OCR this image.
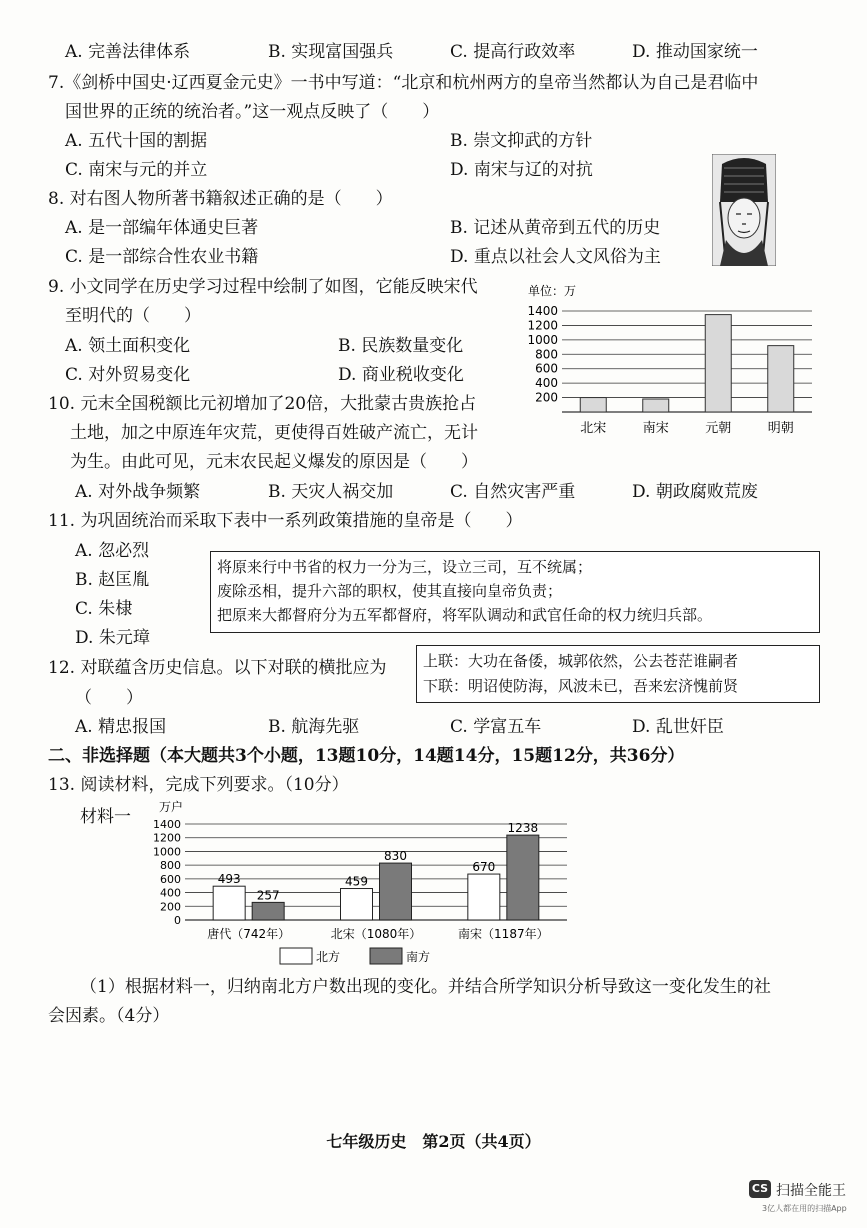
A. 完善法律体系	B. 实现富国强兵	C. 提高行政效率	D. 推动国家统一
7.《剑桥中国史·辽西夏金元史》一书中写道：“北京和杭州两方的皇帝当然都认为自己是君临中
国世界的正统的统治者。”这一观点反映了（　　）
A. 五代十国的割据	B. 崇文抑武的方针
C. 南宋与元的并立	D. 南宋与辽的对抗
8. 对右图人物所著书籍叙述正确的是（　　）
A. 是一部编年体通史巨著	B. 记述从黄帝到五代的历史
C. 是一部综合性农业书籍	D. 重点以社会人文风俗为主
9. 小文同学在历史学习过程中绘制了如图，它能反映宋代
至明代的（　　）
A. 领土面积变化	B. 民族数量变化
C. 对外贸易变化	D. 商业税收变化
单位：万
200
400
600
800
1000
1200
1400
北宋	南宋	元朝	明朝
10. 元末全国税额比元初增加了20倍，大批蒙古贵族抢占
土地，加之中原连年灾荒，更使得百姓破产流亡，无计
为生。由此可见，元末农民起义爆发的原因是（　　）
A. 对外战争频繁	B. 天灾人祸交加	C. 自然灾害严重	D. 朝政腐败荒废
11. 为巩固统治而采取下表中一系列政策措施的皇帝是（　　）
A. 忽必烈
B. 赵匡胤
C. 朱棣
D. 朱元璋
将原来行中书省的权力一分为三，设立三司，互不统属；
废除丞相，提升六部的职权，使其直接向皇帝负责；
把原来大都督府分为五军都督府，将军队调动和武官任命的权力统归兵部。
12. 对联蕴含历史信息。以下对联的横批应为
（　　）
上联：大功在备倭，城郭依然，公去苍茫谁嗣者
下联：明诏使防海，风波未已，吾来宏济愧前贤
A. 精忠报国	B. 航海先驱	C. 学富五车	D. 乱世奸臣
二、非选择题（本大题共3个小题，13题10分，14题14分，15题12分，共36分）
13. 阅读材料，完成下列要求。（10分）
材料一 万户
0
200
400
600
800
1000
1200
1400
493
257
唐代（742年）
459
830
北宋（1080年）
670
1238
南宋（1187年）
北方	南方
（1）根据材料一，归纳南北方户数出现的变化。并结合所学知识分析导致这一变化发生的社
会因素。（4分）
七年级历史　第2页（共4页）
CS 扫描全能王
3亿人都在用的扫描App
